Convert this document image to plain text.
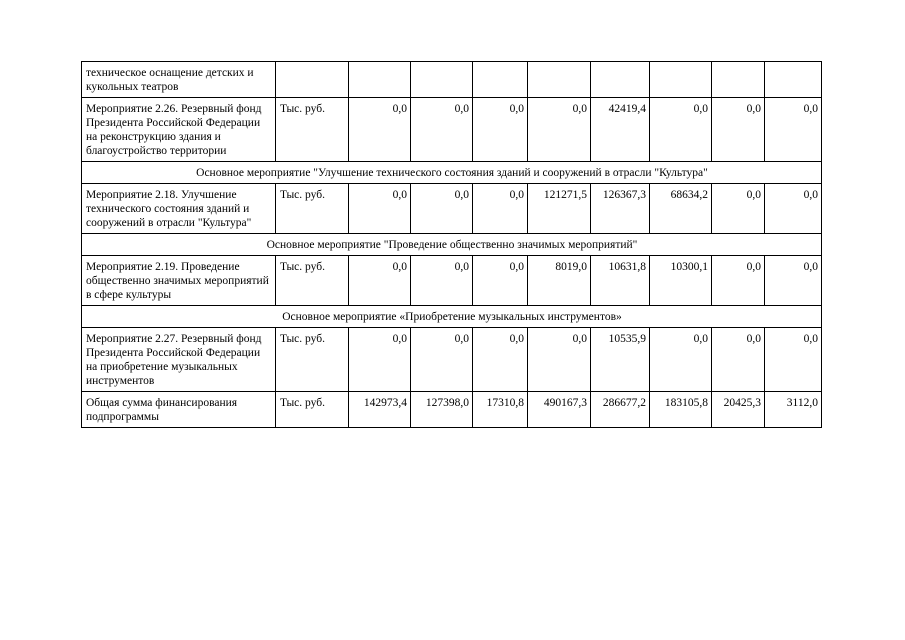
техническое оснащение детских и кукольных театров									
Мероприятие 2.26. Резервный фонд Президента Российской Федерации на реконструкцию здания и благоустройство территории	Тыс. руб.	0,0	0,0	0,0	0,0	42419,4	0,0	0,0	0,0
Основное мероприятие "Улучшение технического состояния зданий и сооружений в отрасли "Культура"									
Мероприятие 2.18. Улучшение технического состояния зданий и сооружений в отрасли "Культура"	Тыс. руб.	0,0	0,0	0,0	121271,5	126367,3	68634,2	0,0	0,0
Основное мероприятие "Проведение общественно значимых мероприятий"									
Мероприятие 2.19. Проведение общественно значимых мероприятий в сфере культуры	Тыс. руб.	0,0	0,0	0,0	8019,0	10631,8	10300,1	0,0	0,0
Основное мероприятие «Приобретение музыкальных инструментов»									
Мероприятие 2.27. Резервный фонд Президента Российской Федерации на приобретение музыкальных инструментов	Тыс. руб.	0,0	0,0	0,0	0,0	10535,9	0,0	0,0	0,0
Общая сумма финансирования подпрограммы	Тыс. руб.	142973,4	127398,0	17310,8	490167,3	286677,2	183105,8	20425,3	3112,0
